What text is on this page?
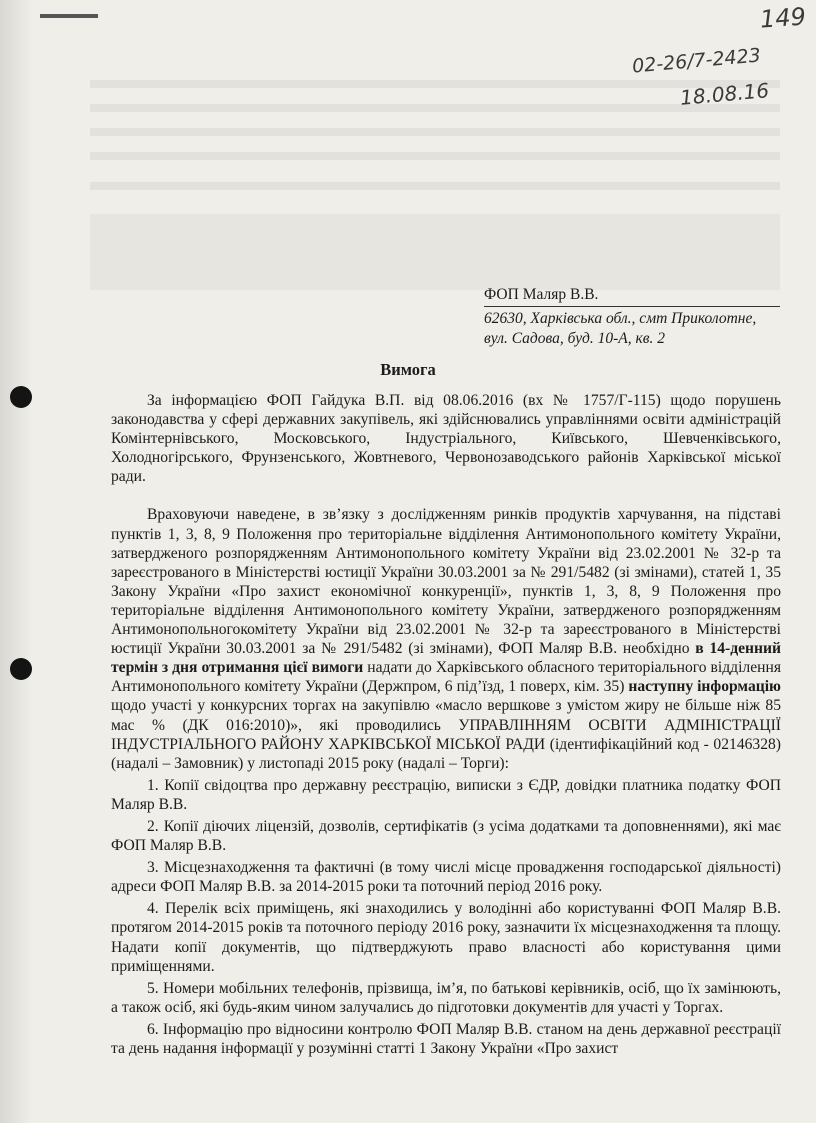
149
02-26/7-2423
18.08.16
ФОП Маляр В.В.
62630, Харківська обл., смт Приколотне,
вул. Садова, буд. 10-А, кв. 2
Вимога

За інформацією ФОП Гайдука В.П. від 08.06.2016 (вх № 1757/Г-115) щодо порушень законодавства у сфері державних закупівель, які здійснювались управліннями освіти адміністрацій Комінтернівського, Московського, Індустріального, Київського, Шевченківського, Холодногірського, Фрунзенського, Жовтневого, Червонозаводського районів Харківської міської ради.

Враховуючи наведене, в зв’язку з дослідженням ринків продуктів харчування, на підставі пунктів 1, 3, 8, 9 Положення про територіальне відділення Антимонопольного комітету України, затвердженого розпорядженням Антимонопольного комітету України від 23.02.2001 № 32-р та зареєстрованого в Міністерстві юстиції України 30.03.2001 за № 291/5482 (зі змінами), статей 1, 35 Закону України «Про захист економічної конкуренції», пунктів 1, 3, 8, 9 Положення про територіальне відділення Антимонопольного комітету України, затвердженого розпорядженням Антимонопольногокомітету України від 23.02.2001 № 32-р та зареєстрованого в Міністерстві юстиції України 30.03.2001 за № 291/5482 (зі змінами), ФОП Маляр В.В. необхідно в 14-денний термін з дня отримання цієї вимоги надати до Харківського обласного територіального відділення Антимонопольного комітету України (Держпром, 6 під’їзд, 1 поверх, кім. 35) наступну інформацію щодо участі у конкурсних торгах на закупівлю «масло вершкове з умістом жиру не більше ніж 85 мас % (ДК 016:2010)», які проводились УПРАВЛІННЯМ ОСВІТИ АДМІНІСТРАЦІЇ ІНДУСТРІАЛЬНОГО РАЙОНУ ХАРКІВСЬКОЇ МІСЬКОЇ РАДИ (ідентифікаційний код - 02146328) (надалі – Замовник) у листопаді 2015 року (надалі – Торги):

1. Копії свідоцтва про державну реєстрацію, виписки з ЄДР, довідки платника податку ФОП Маляр В.В.

2. Копії діючих ліцензій, дозволів, сертифікатів (з усіма додатками та доповненнями), які має ФОП Маляр В.В.

3. Місцезнаходження та фактичні (в тому числі місце провадження господарської діяльності) адреси ФОП Маляр В.В. за 2014-2015 роки та поточний період 2016 року.

4. Перелік всіх приміщень, які знаходились у володінні або користуванні ФОП Маляр В.В. протягом 2014-2015 років та поточного періоду 2016 року, зазначити їх місцезнаходження та площу. Надати копії документів, що підтверджують право власності або користування цими приміщеннями.

5. Номери мобільних телефонів, прізвища, ім’я, по батькові керівників, осіб, що їх замінюють, а також осіб, які будь-яким чином залучались до підготовки документів для участі у Торгах.

6. Інформацію про відносини контролю ФОП Маляр В.В. станом на день державної реєстрації та день надання інформації у розумінні статті 1 Закону України «Про захист
